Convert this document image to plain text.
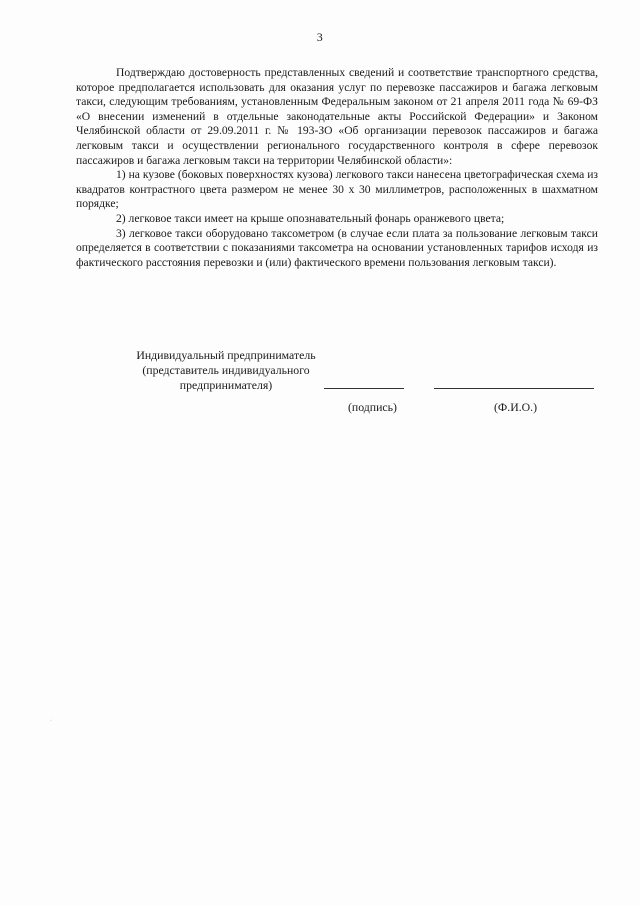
3

Подтверждаю достоверность представленных сведений и соответствие транспортного средства, которое предполагается использовать для оказания услуг по перевозке пассажиров и багажа легковым такси, следующим требованиям, установленным Федеральным законом от 21 апреля 2011 года № 69-ФЗ «О внесении изменений в отдельные законодательные акты Российской Федерации» и Законом Челябинской области от 29.09.2011 г. № 193-ЗО «Об организации перевозок пассажиров и багажа легковым такси и осуществлении регионального государственного контроля в сфере перевозок пассажиров и багажа легковым такси на территории Челябинской области»:

1) на кузове (боковых поверхностях кузова) легкового такси нанесена цветографическая схема из квадратов контрастного цвета размером не менее 30 x 30 миллиметров, расположенных в шахматном порядке;

2) легковое такси имеет на крыше опознавательный фонарь оранжевого цвета;

3) легковое такси оборудовано таксометром (в случае если плата за пользование легковым такси определяется в соответствии с показаниями таксометра на основании установленных тарифов исходя из фактического расстояния перевозки и (или) фактического времени пользования легковым такси).

Индивидуальный предприниматель
(представитель индивидуального
предпринимателя)
(подпись)	(Ф.И.О.)
·
